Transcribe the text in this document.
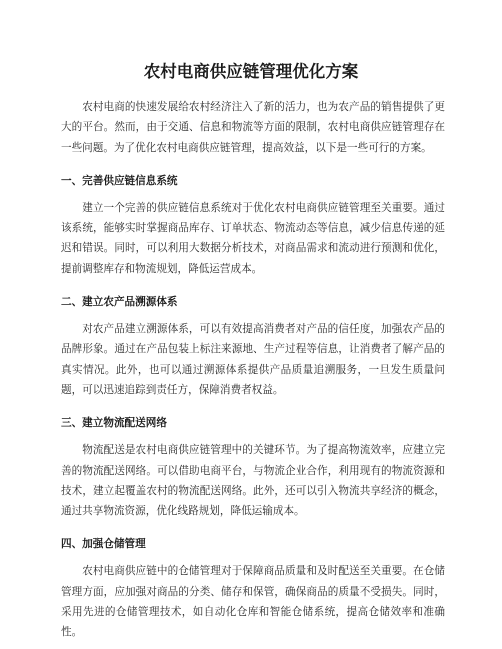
农村电商供应链管理优化方案

农村电商的快速发展给农村经济注入了新的活力，也为农产品的销售提供了更大的平台。然而，由于交通、信息和物流等方面的限制，农村电商供应链管理存在一些问题。为了优化农村电商供应链管理，提高效益，以下是一些可行的方案。

一、完善供应链信息系统

建立一个完善的供应链信息系统对于优化农村电商供应链管理至关重要。通过该系统，能够实时掌握商品库存、订单状态、物流动态等信息，减少信息传递的延迟和错误。同时，可以利用大数据分析技术，对商品需求和流动进行预测和优化，提前调整库存和物流规划，降低运营成本。

二、建立农产品溯源体系

对农产品建立溯源体系，可以有效提高消费者对产品的信任度，加强农产品的品牌形象。通过在产品包装上标注来源地、生产过程等信息，让消费者了解产品的真实情况。此外，也可以通过溯源体系提供产品质量追溯服务，一旦发生质量问题，可以迅速追踪到责任方，保障消费者权益。

三、建立物流配送网络

物流配送是农村电商供应链管理中的关键环节。为了提高物流效率，应建立完善的物流配送网络。可以借助电商平台，与物流企业合作，利用现有的物流资源和技术，建立起覆盖农村的物流配送网络。此外，还可以引入物流共享经济的概念，通过共享物流资源，优化线路规划，降低运输成本。

四、加强仓储管理

农村电商供应链中的仓储管理对于保障商品质量和及时配送至关重要。在仓储管理方面，应加强对商品的分类、储存和保管，确保商品的质量不受损失。同时，采用先进的仓储管理技术，如自动化仓库和智能仓储系统，提高仓储效率和准确性。
